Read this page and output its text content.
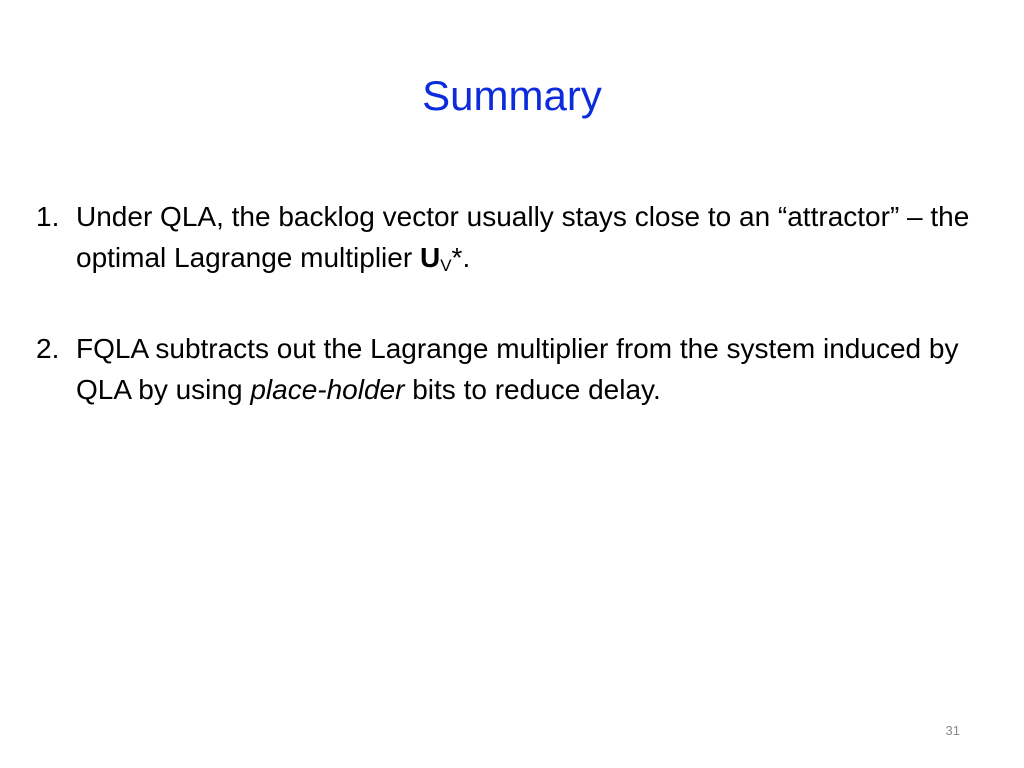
Summary
1. Under QLA, the backlog vector usually stays close to an “attractor” – the optimal Lagrange multiplier $U_V*$.
2. FQLA subtracts out the Lagrange multiplier from the system induced by QLA by using place-holder bits to reduce delay.
31
